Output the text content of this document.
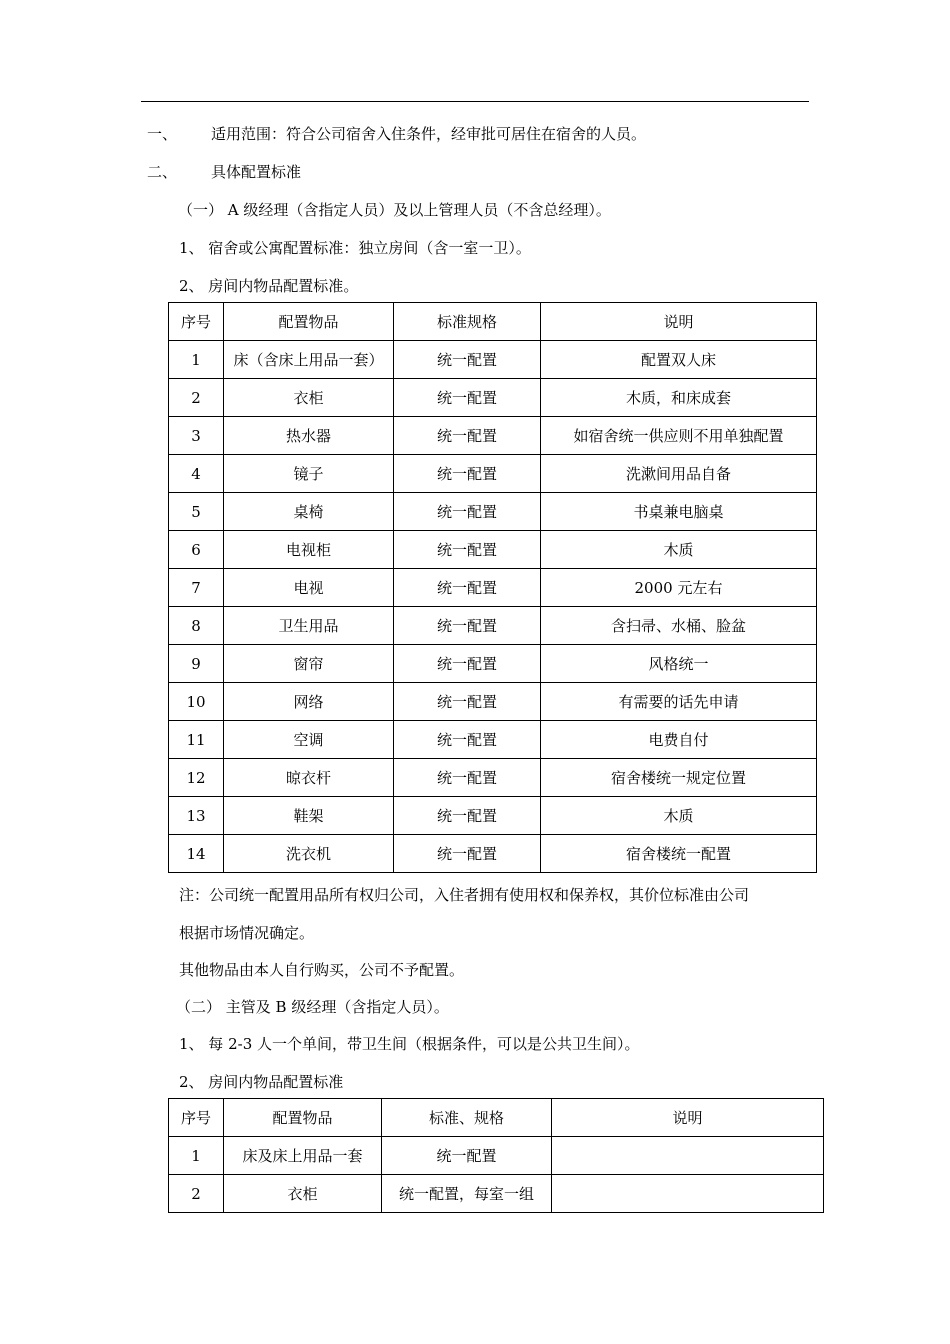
一、 适用范围：符合公司宿舍入住条件，经审批可居住在宿舍的人员。
二、 具体配置标准
（一） A 级经理（含指定人员）及以上管理人员（不含总经理）。
1、 宿舍或公寓配置标准：独立房间（含一室一卫）。
2、 房间内物品配置标准。
序号	配置物品	标准规格	说明
1	床（含床上用品一套）	统一配置	配置双人床
2	衣柜	统一配置	木质，和床成套
3	热水器	统一配置	如宿舍统一供应则不用单独配置
4	镜子	统一配置	洗漱间用品自备
5	桌椅	统一配置	书桌兼电脑桌
6	电视柜	统一配置	木质
7	电视	统一配置	2000 元左右
8	卫生用品	统一配置	含扫帚、水桶、脸盆
9	窗帘	统一配置	风格统一
10	网络	统一配置	有需要的话先申请
11	空调	统一配置	电费自付
12	晾衣杆	统一配置	宿舍楼统一规定位置
13	鞋架	统一配置	木质
14	洗衣机	统一配置	宿舍楼统一配置
注：公司统一配置用品所有权归公司，入住者拥有使用权和保养权，其价位标准由公司
根据市场情况确定。
其他物品由本人自行购买，公司不予配置。
（二） 主管及 B 级经理（含指定人员）。
1、 每 2-3 人一个单间，带卫生间（根据条件，可以是公共卫生间）。
2、 房间内物品配置标准
序号	配置物品	标准、规格	说明
1	床及床上用品一套	统一配置	
2	衣柜	统一配置，每室一组	
